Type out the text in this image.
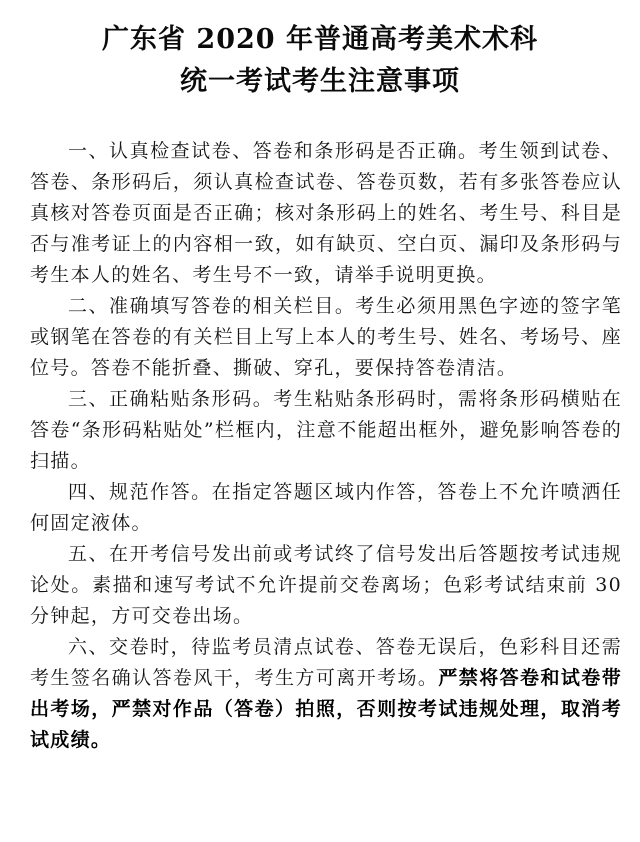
广东省 2020 年普通高考美术术科
统一考试考生注意事项

一、认真检查试卷、答卷和条形码是否正确。考生领到试卷、答卷、条形码后，须认真检查试卷、答卷页数，若有多张答卷应认真核对答卷页面是否正确；核对条形码上的姓名、考生号、科目是否与准考证上的内容相一致，如有缺页、空白页、漏印及条形码与考生本人的姓名、考生号不一致，请举手说明更换。

二、准确填写答卷的相关栏目。考生必须用黑色字迹的签字笔或钢笔在答卷的有关栏目上写上本人的考生号、姓名、考场号、座位号。答卷不能折叠、撕破、穿孔，要保持答卷清洁。

三、正确粘贴条形码。考生粘贴条形码时，需将条形码横贴在答卷“条形码粘贴处”栏框内，注意不能超出框外，避免影响答卷的扫描。

四、规范作答。在指定答题区域内作答，答卷上不允许喷洒任何固定液体。

五、在开考信号发出前或考试终了信号发出后答题按考试违规论处。素描和速写考试不允许提前交卷离场；色彩考试结束前 30 分钟起，方可交卷出场。

六、交卷时，待监考员清点试卷、答卷无误后，色彩科目还需考生签名确认答卷风干，考生方可离开考场。严禁将答卷和试卷带出考场，严禁对作品（答卷）拍照，否则按考试违规处理，取消考试成绩。
